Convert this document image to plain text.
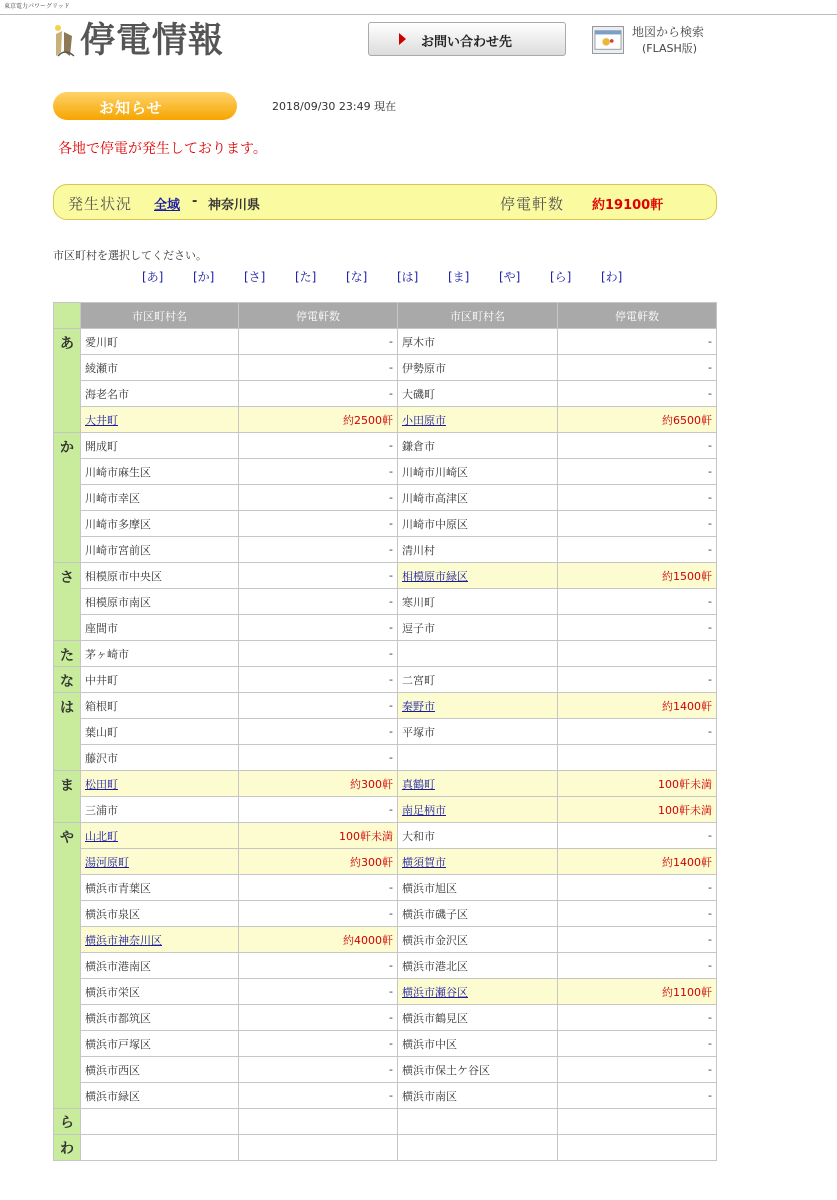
東京電力パワーグリッド
停電情報	お問い合わせ先
地図から検索
(FLASH版)
お知らせ	2018/09/30 23:49 現在
各地で停電が発生しております。
発生状況 全域 - 神奈川県	停電軒数 約19100軒
市区町村を選択してください。
[あ] [か] [さ] [た] [な] [は] [ま] [や] [ら] [わ]
	市区町村名	停電軒数	市区町村名	停電軒数
あ	愛川町	-	厚木市	-
	綾瀬市	-	伊勢原市	-
	海老名市	-	大磯町	-
	大井町	約2500軒	小田原市	約6500軒
か	開成町	-	鎌倉市	-
	川崎市麻生区	-	川崎市川崎区	-
	川崎市幸区	-	川崎市高津区	-
	川崎市多摩区	-	川崎市中原区	-
	川崎市宮前区	-	清川村	-
さ	相模原市中央区	-	相模原市緑区	約1500軒
	相模原市南区	-	寒川町	-
	座間市	-	逗子市	-
た	茅ヶ崎市	-		
な	中井町	-	二宮町	-
は	箱根町	-	秦野市	約1400軒
	葉山町	-	平塚市	-
	藤沢市	-		
ま	松田町	約300軒	真鶴町	100軒未満
	三浦市	-	南足柄市	100軒未満
や	山北町	100軒未満	大和市	-
	湯河原町	約300軒	横須賀市	約1400軒
	横浜市青葉区	-	横浜市旭区	-
	横浜市泉区	-	横浜市磯子区	-
	横浜市神奈川区	約4000軒	横浜市金沢区	-
	横浜市港南区	-	横浜市港北区	-
	横浜市栄区	-	横浜市瀬谷区	約1100軒
	横浜市都筑区	-	横浜市鶴見区	-
	横浜市戸塚区	-	横浜市中区	-
	横浜市西区	-	横浜市保土ケ谷区	-
	横浜市緑区	-	横浜市南区	-
ら				
わ				
